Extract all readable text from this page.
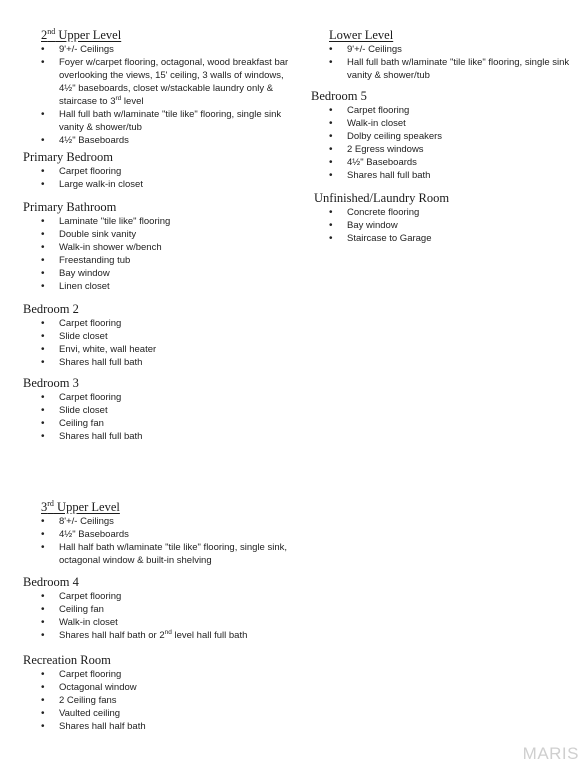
2nd Upper Level
• 9'+/- Ceilings
• Foyer w/carpet flooring, octagonal, wood breakfast bar overlooking the views, 15' ceiling, 3 walls of windows, 4½" baseboards, closet w/stackable laundry only & staircase to 3rd level
• Hall full bath w/laminate "tile like" flooring, single sink vanity & shower/tub
• 4½" Baseboards
Primary Bedroom
• Carpet flooring
• Large walk-in closet
Primary Bathroom
• Laminate "tile like" flooring
• Double sink vanity
• Walk-in shower w/bench
• Freestanding tub
• Bay window
• Linen closet
Bedroom 2
• Carpet flooring
• Slide closet
• Envi, white, wall heater
• Shares hall full bath
Bedroom 3
• Carpet flooring
• Slide closet
• Ceiling fan
• Shares hall full bath
3rd Upper Level
• 8'+/- Ceilings
• 4½" Baseboards
• Hall half bath w/laminate "tile like" flooring, single sink, octagonal window & built-in shelving
Bedroom 4
• Carpet flooring
• Ceiling fan
• Walk-in closet
• Shares hall half bath or 2nd level hall full bath
Recreation Room
• Carpet flooring
• Octagonal window
• 2 Ceiling fans
• Vaulted ceiling
• Shares hall half bath
Lower Level
• 9'+/- Ceilings
• Hall full bath w/laminate "tile like" flooring, single sink vanity & shower/tub
Bedroom 5
• Carpet flooring
• Walk-in closet
• Dolby ceiling speakers
• 2 Egress windows
• 4½" Baseboards
• Shares hall full bath
Unfinished/Laundry Room
• Concrete flooring
• Bay window
• Staircase to Garage
MARIS
